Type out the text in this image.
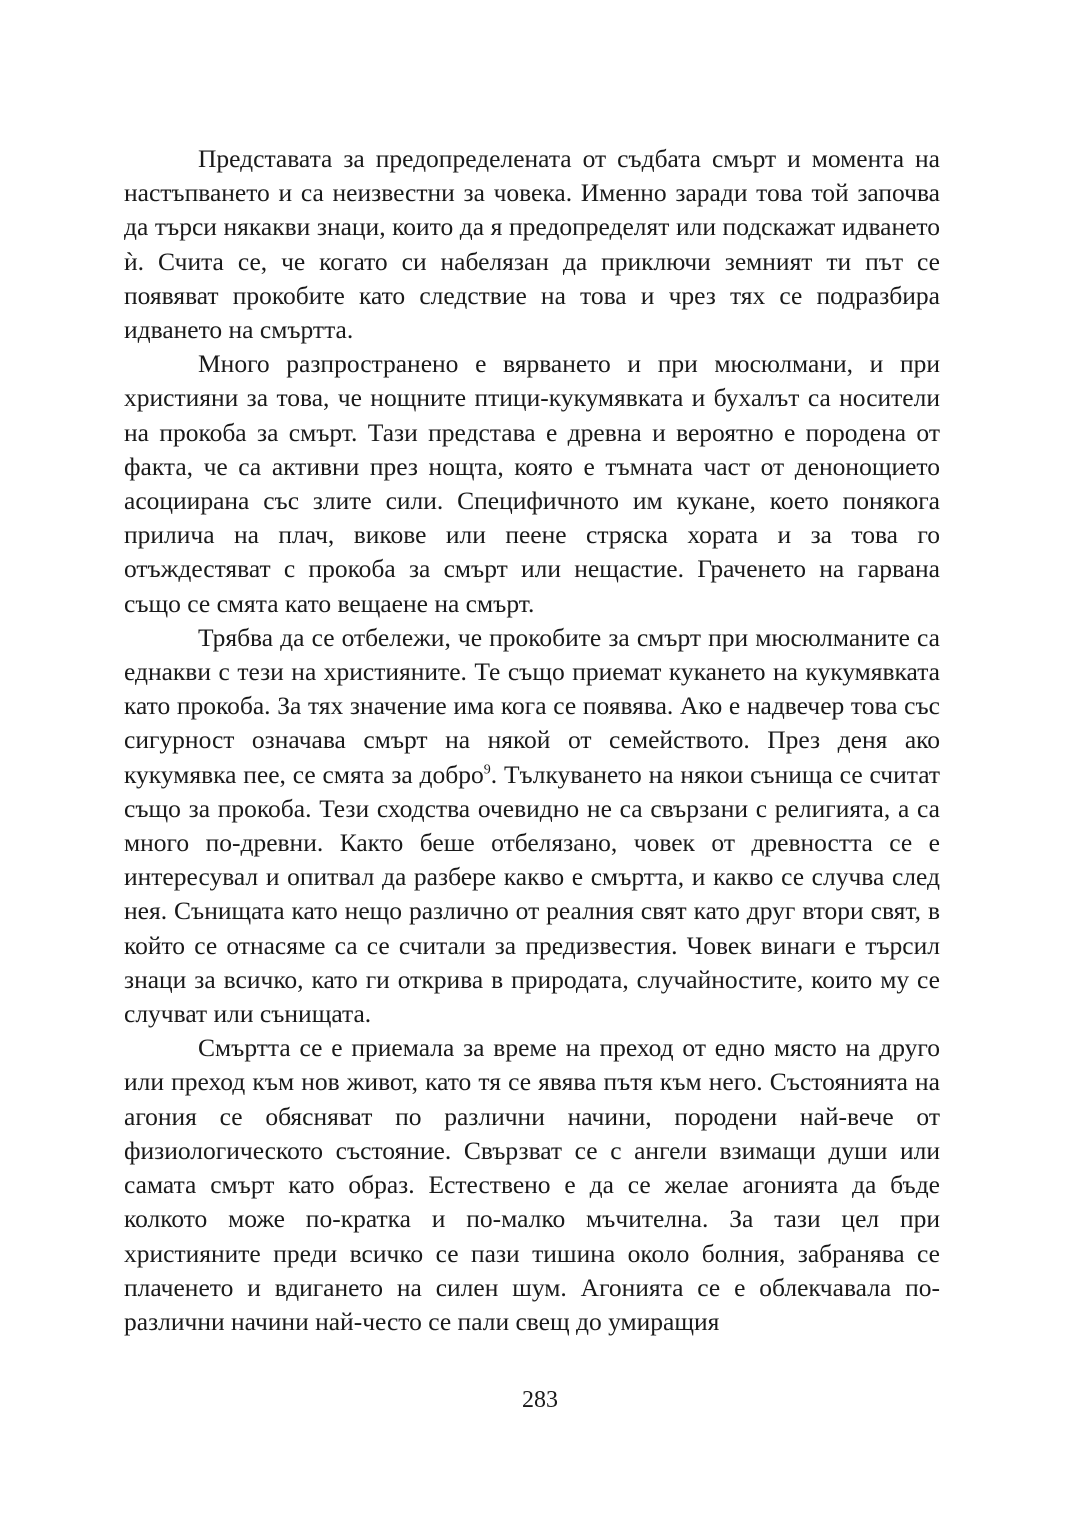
Представата за предопределената от съдбата смърт и момента на настъпването и са неизвестни за човека. Именно заради това той започва да търси някакви знаци, които да я предопределят или подскажат идването ѝ. Счита се, че когато си набелязан да приключи земният ти път се появяват прокобите като следствие на това и чрез тях се подразбира идването на смъртта.

Много разпространено е вярването и при мюсюлмани, и при християни за това, че нощните птици-кукумявката и бухалът са носители на прокоба за смърт. Тази представа е древна и вероятно е породена от факта, че са активни през нощта, която е тъмната част от денонощието асоциирана със злите сили. Специфичното им кукане, което понякога прилича на плач, викове или пеене стряска хората и за това го отъждестяват с прокоба за смърт или нещастие. Граченето на гарвана също се смята като вещаене на смърт.

Трябва да се отбележи, че прокобите за смърт при мюсюлманите са еднакви с тези на християните. Те също приемат куканeто на кукумявката като прокоба. За тях значение има кога се появява. Ако е надвечер това със сигурност означава смърт на някой от семейството. През деня ако кукумявка пее, се смята за добро$^9$. Тълкуването на някои сънища се считат също за прокоба. Тези сходства очевидно не са свързани с религията, а са много по-древни. Както беше отбелязано, човек от древността се е интересувал и опитвал да разбере какво е смъртта, и какво се случва след нея. Сънищата като нещо различно от реалния свят като друг втори свят, в който се отнасяме са се считали за предизвестия. Човек винаги е търсил знаци за всичко, като ги открива в природата, случайностите, които му се случват или сънищата.

Смъртта се е приемала за време на преход от едно място на друго или преход към нов живот, като тя се явява пътя към него. Състоянията на агония се обясняват по различни начини, породени най-вече от физиологическото състояние. Свързват се с ангели взимащи души или самата смърт като образ. Естествено е да се желае агонията да бъде колкото може по-кратка и по-малко мъчителна. За тази цел при християните преди всичко се пази тишина около болния, забранява се плаченето и вдигането на силен шум. Агонията се е облекчавала по-различни начини най-често се пали свещ до умиращия

283
